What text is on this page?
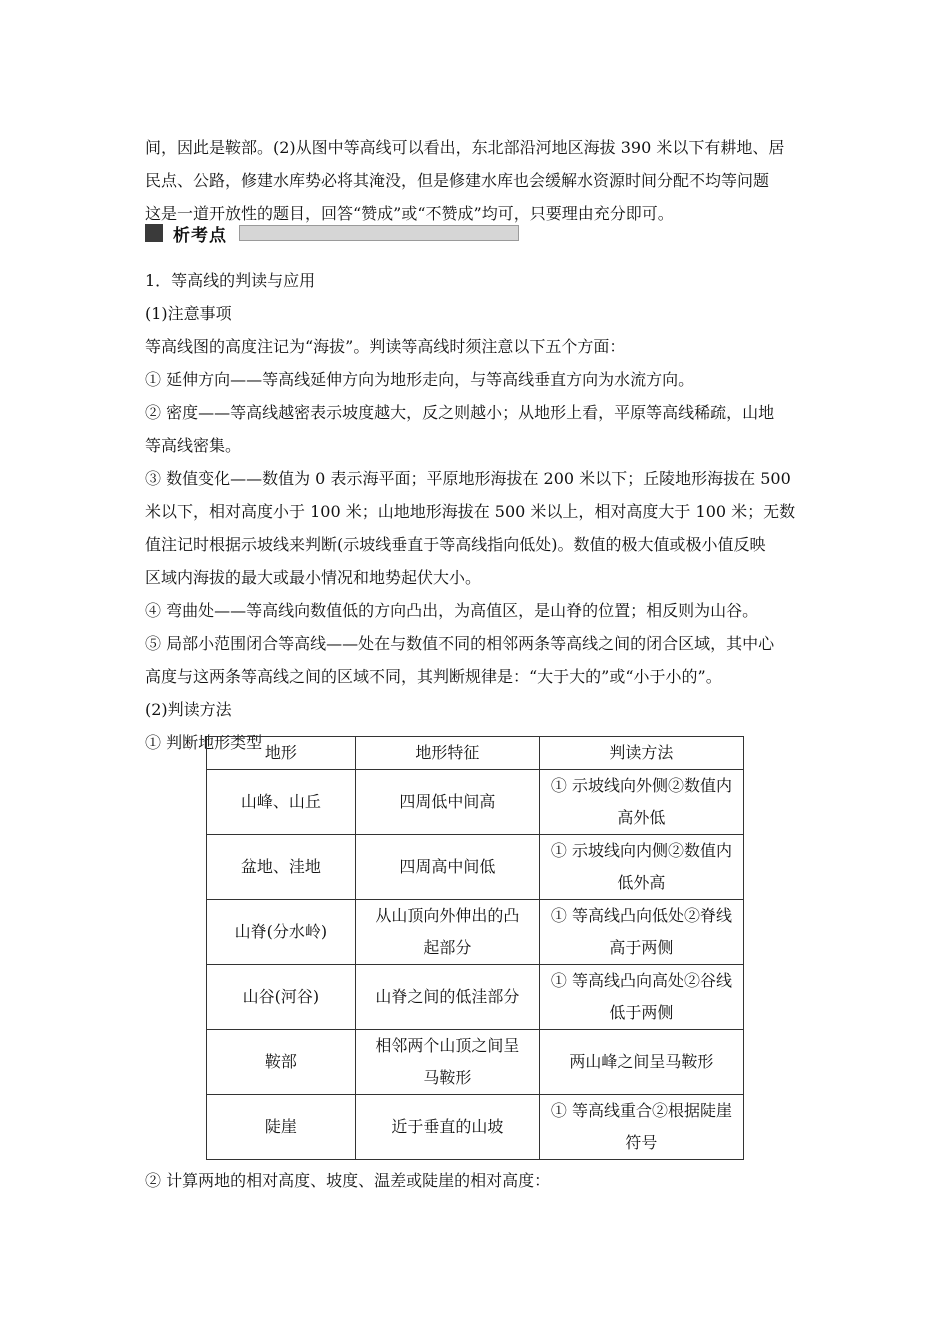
间，因此是鞍部。(2)从图中等高线可以看出，东北部沿河地区海拔 390 米以下有耕地、居
民点、公路，修建水库势必将其淹没，但是修建水库也会缓解水资源时间分配不均等问题
这是一道开放性的题目，回答“赞成”或“不赞成”均可，只要理由充分即可。
析考点
1．等高线的判读与应用
(1)注意事项
等高线图的高度注记为“海拔”。判读等高线时须注意以下五个方面：
① 延伸方向——等高线延伸方向为地形走向，与等高线垂直方向为水流方向。
② 密度——等高线越密表示坡度越大，反之则越小；从地形上看，平原等高线稀疏，山地
等高线密集。
③ 数值变化——数值为 0 表示海平面；平原地形海拔在 200 米以下；丘陵地形海拔在 500
米以下，相对高度小于 100 米；山地地形海拔在 500 米以上，相对高度大于 100 米；无数
值注记时根据示坡线来判断(示坡线垂直于等高线指向低处)。数值的极大值或极小值反映
区域内海拔的最大或最小情况和地势起伏大小。
④ 弯曲处——等高线向数值低的方向凸出，为高值区，是山脊的位置；相反则为山谷。
⑤ 局部小范围闭合等高线——处在与数值不同的相邻两条等高线之间的闭合区域，其中心
高度与这两条等高线之间的区域不同，其判断规律是：“大于大的”或“小于小的”。
(2)判读方法
① 判断地形类型
地形	地形特征	判读方法
山峰、山丘	四周低中间高	① 示坡线向外侧②数值内
高外低
盆地、洼地	四周高中间低	① 示坡线向内侧②数值内
低外高
山脊(分水岭)	从山顶向外伸出的凸
起部分	① 等高线凸向低处②脊线
高于两侧
山谷(河谷)	山脊之间的低洼部分	① 等高线凸向高处②谷线
低于两侧
鞍部	相邻两个山顶之间呈
马鞍形	两山峰之间呈马鞍形
陡崖	近于垂直的山坡	① 等高线重合②根据陡崖
符号
② 计算两地的相对高度、坡度、温差或陡崖的相对高度：
